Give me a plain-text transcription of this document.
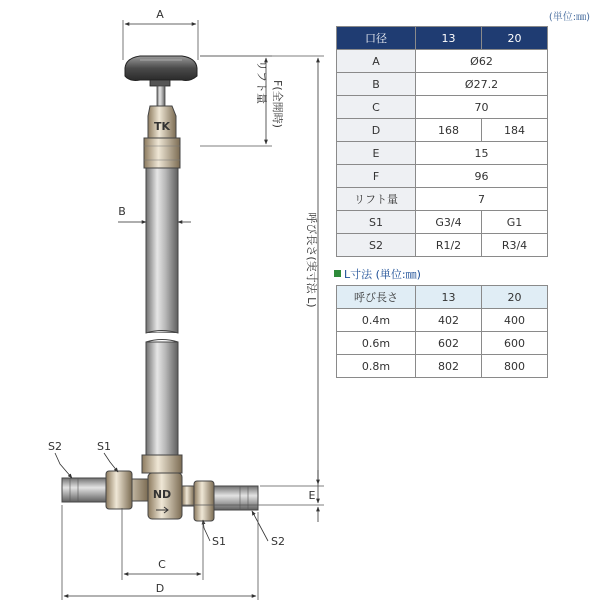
A
TK
B
ND
S2	S1
S1	S2
C
D
リフト量 F(全開時)
呼び長さ(実寸法 L)
E
(単位:㎜)
口径	13	20
A	Ø62	
B	Ø27.2	
C	70	
D	168	184
E	15	
F	96	
リフト量	7	
S1	G3/4	G1
S2	R1/2	R3/4
L寸法 (単位:㎜)
呼び長さ	13	20
0.4m	402	400
0.6m	602	600
0.8m	802	800
